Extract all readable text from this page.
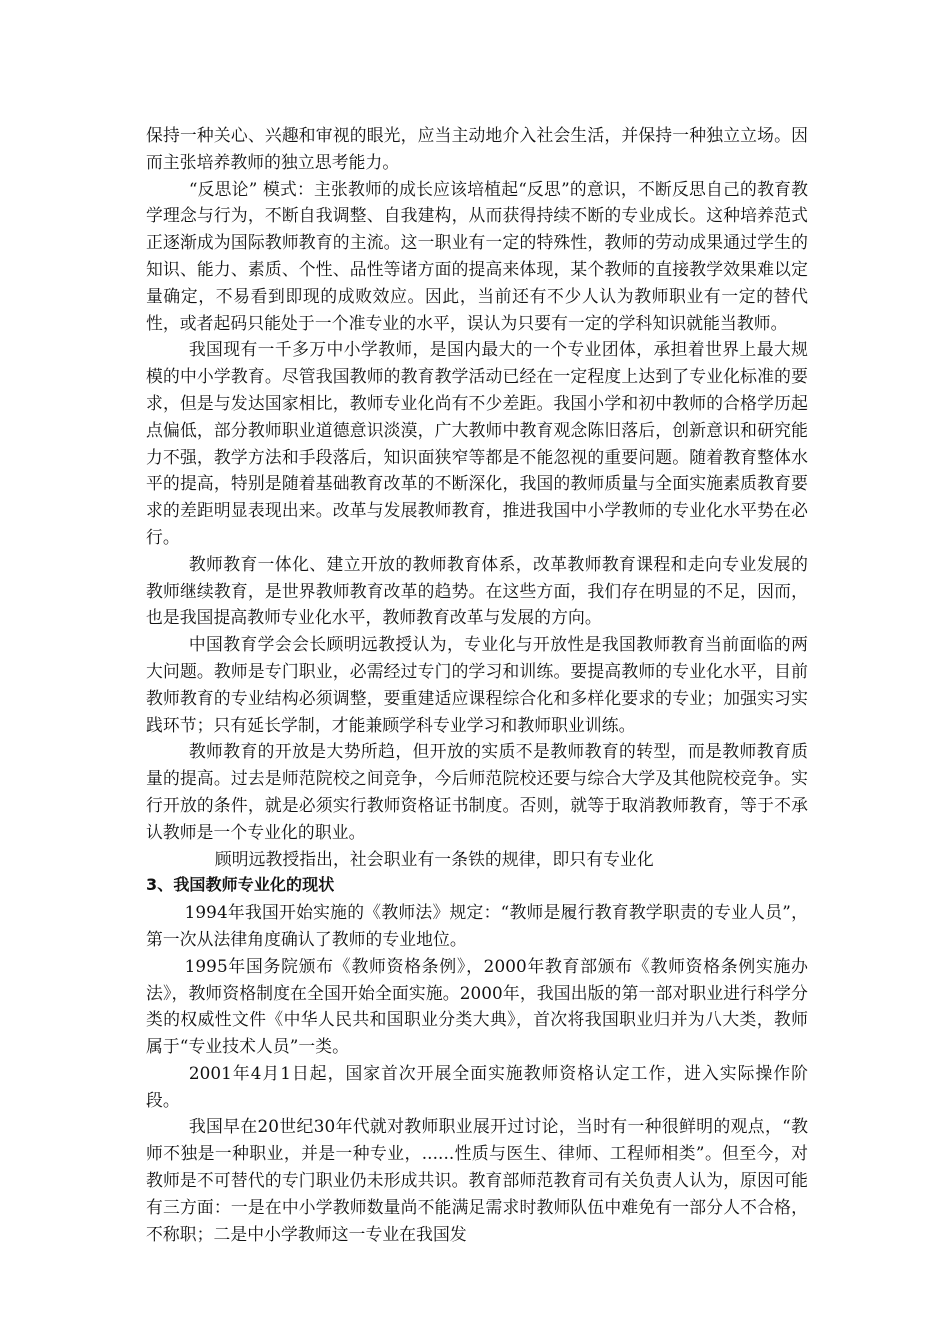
保持一种关心、兴趣和审视的眼光，应当主动地介入社会生活，并保持一种独立立场。因而主张培养教师的独立思考能力。

“反思论” 模式：主张教师的成长应该培植起“反思”的意识，不断反思自己的教育教学理念与行为，不断自我调整、自我建构，从而获得持续不断的专业成长。这种培养范式正逐渐成为国际教师教育的主流。这一职业有一定的特殊性，教师的劳动成果通过学生的知识、能力、素质、个性、品性等诸方面的提高来体现，某个教师的直接教学效果难以定量确定，不易看到即现的成败效应。因此，当前还有不少人认为教师职业有一定的替代性，或者起码只能处于一个准专业的水平，误认为只要有一定的学科知识就能当教师。

我国现有一千多万中小学教师，是国内最大的一个专业团体，承担着世界上最大规模的中小学教育。尽管我国教师的教育教学活动已经在一定程度上达到了专业化标准的要求，但是与发达国家相比，教师专业化尚有不少差距。我国小学和初中教师的合格学历起点偏低，部分教师职业道德意识淡漠，广大教师中教育观念陈旧落后，创新意识和研究能力不强，教学方法和手段落后，知识面狭窄等都是不能忽视的重要问题。随着教育整体水平的提高，特别是随着基础教育改革的不断深化，我国的教师质量与全面实施素质教育要求的差距明显表现出来。改革与发展教师教育，推进我国中小学教师的专业化水平势在必行。

教师教育一体化、建立开放的教师教育体系，改革教师教育课程和走向专业发展的教师继续教育，是世界教师教育改革的趋势。在这些方面，我们存在明显的不足，因而，也是我国提高教师专业化水平，教师教育改革与发展的方向。

中国教育学会会长顾明远教授认为，专业化与开放性是我国教师教育当前面临的两大问题。教师是专门职业，必需经过专门的学习和训练。要提高教师的专业化水平，目前教师教育的专业结构必须调整，要重建适应课程综合化和多样化要求的专业；加强实习实践环节；只有延长学制，才能兼顾学科专业学习和教师职业训练。

教师教育的开放是大势所趋，但开放的实质不是教师教育的转型，而是教师教育质量的提高。过去是师范院校之间竞争，今后师范院校还要与综合大学及其他院校竞争。实行开放的条件，就是必须实行教师资格证书制度。否则，就等于取消教师教育，等于不承认教师是一个专业化的职业。

顾明远教授指出，社会职业有一条铁的规律，即只有专业化

3、我国教师专业化的现状

1994年我国开始实施的《教师法》规定：“教师是履行教育教学职责的专业人员”，第一次从法律角度确认了教师的专业地位。

1995年国务院颁布《教师资格条例》，2000年教育部颁布《教师资格条例实施办法》，教师资格制度在全国开始全面实施。2000年，我国出版的第一部对职业进行科学分类的权威性文件《中华人民共和国职业分类大典》，首次将我国职业归并为八大类，教师属于“专业技术人员”一类。

2001年4月1日起，国家首次开展全面实施教师资格认定工作，进入实际操作阶段。

我国早在20世纪30年代就对教师职业展开过讨论，当时有一种很鲜明的观点，“教师不独是一种职业，并是一种专业，......性质与医生、律师、工程师相类”。但至今，对教师是不可替代的专门职业仍未形成共识。教育部师范教育司有关负责人认为，原因可能有三方面：一是在中小学教师数量尚不能满足需求时教师队伍中难免有一部分人不合格，不称职；二是中小学教师这一专业在我国发
